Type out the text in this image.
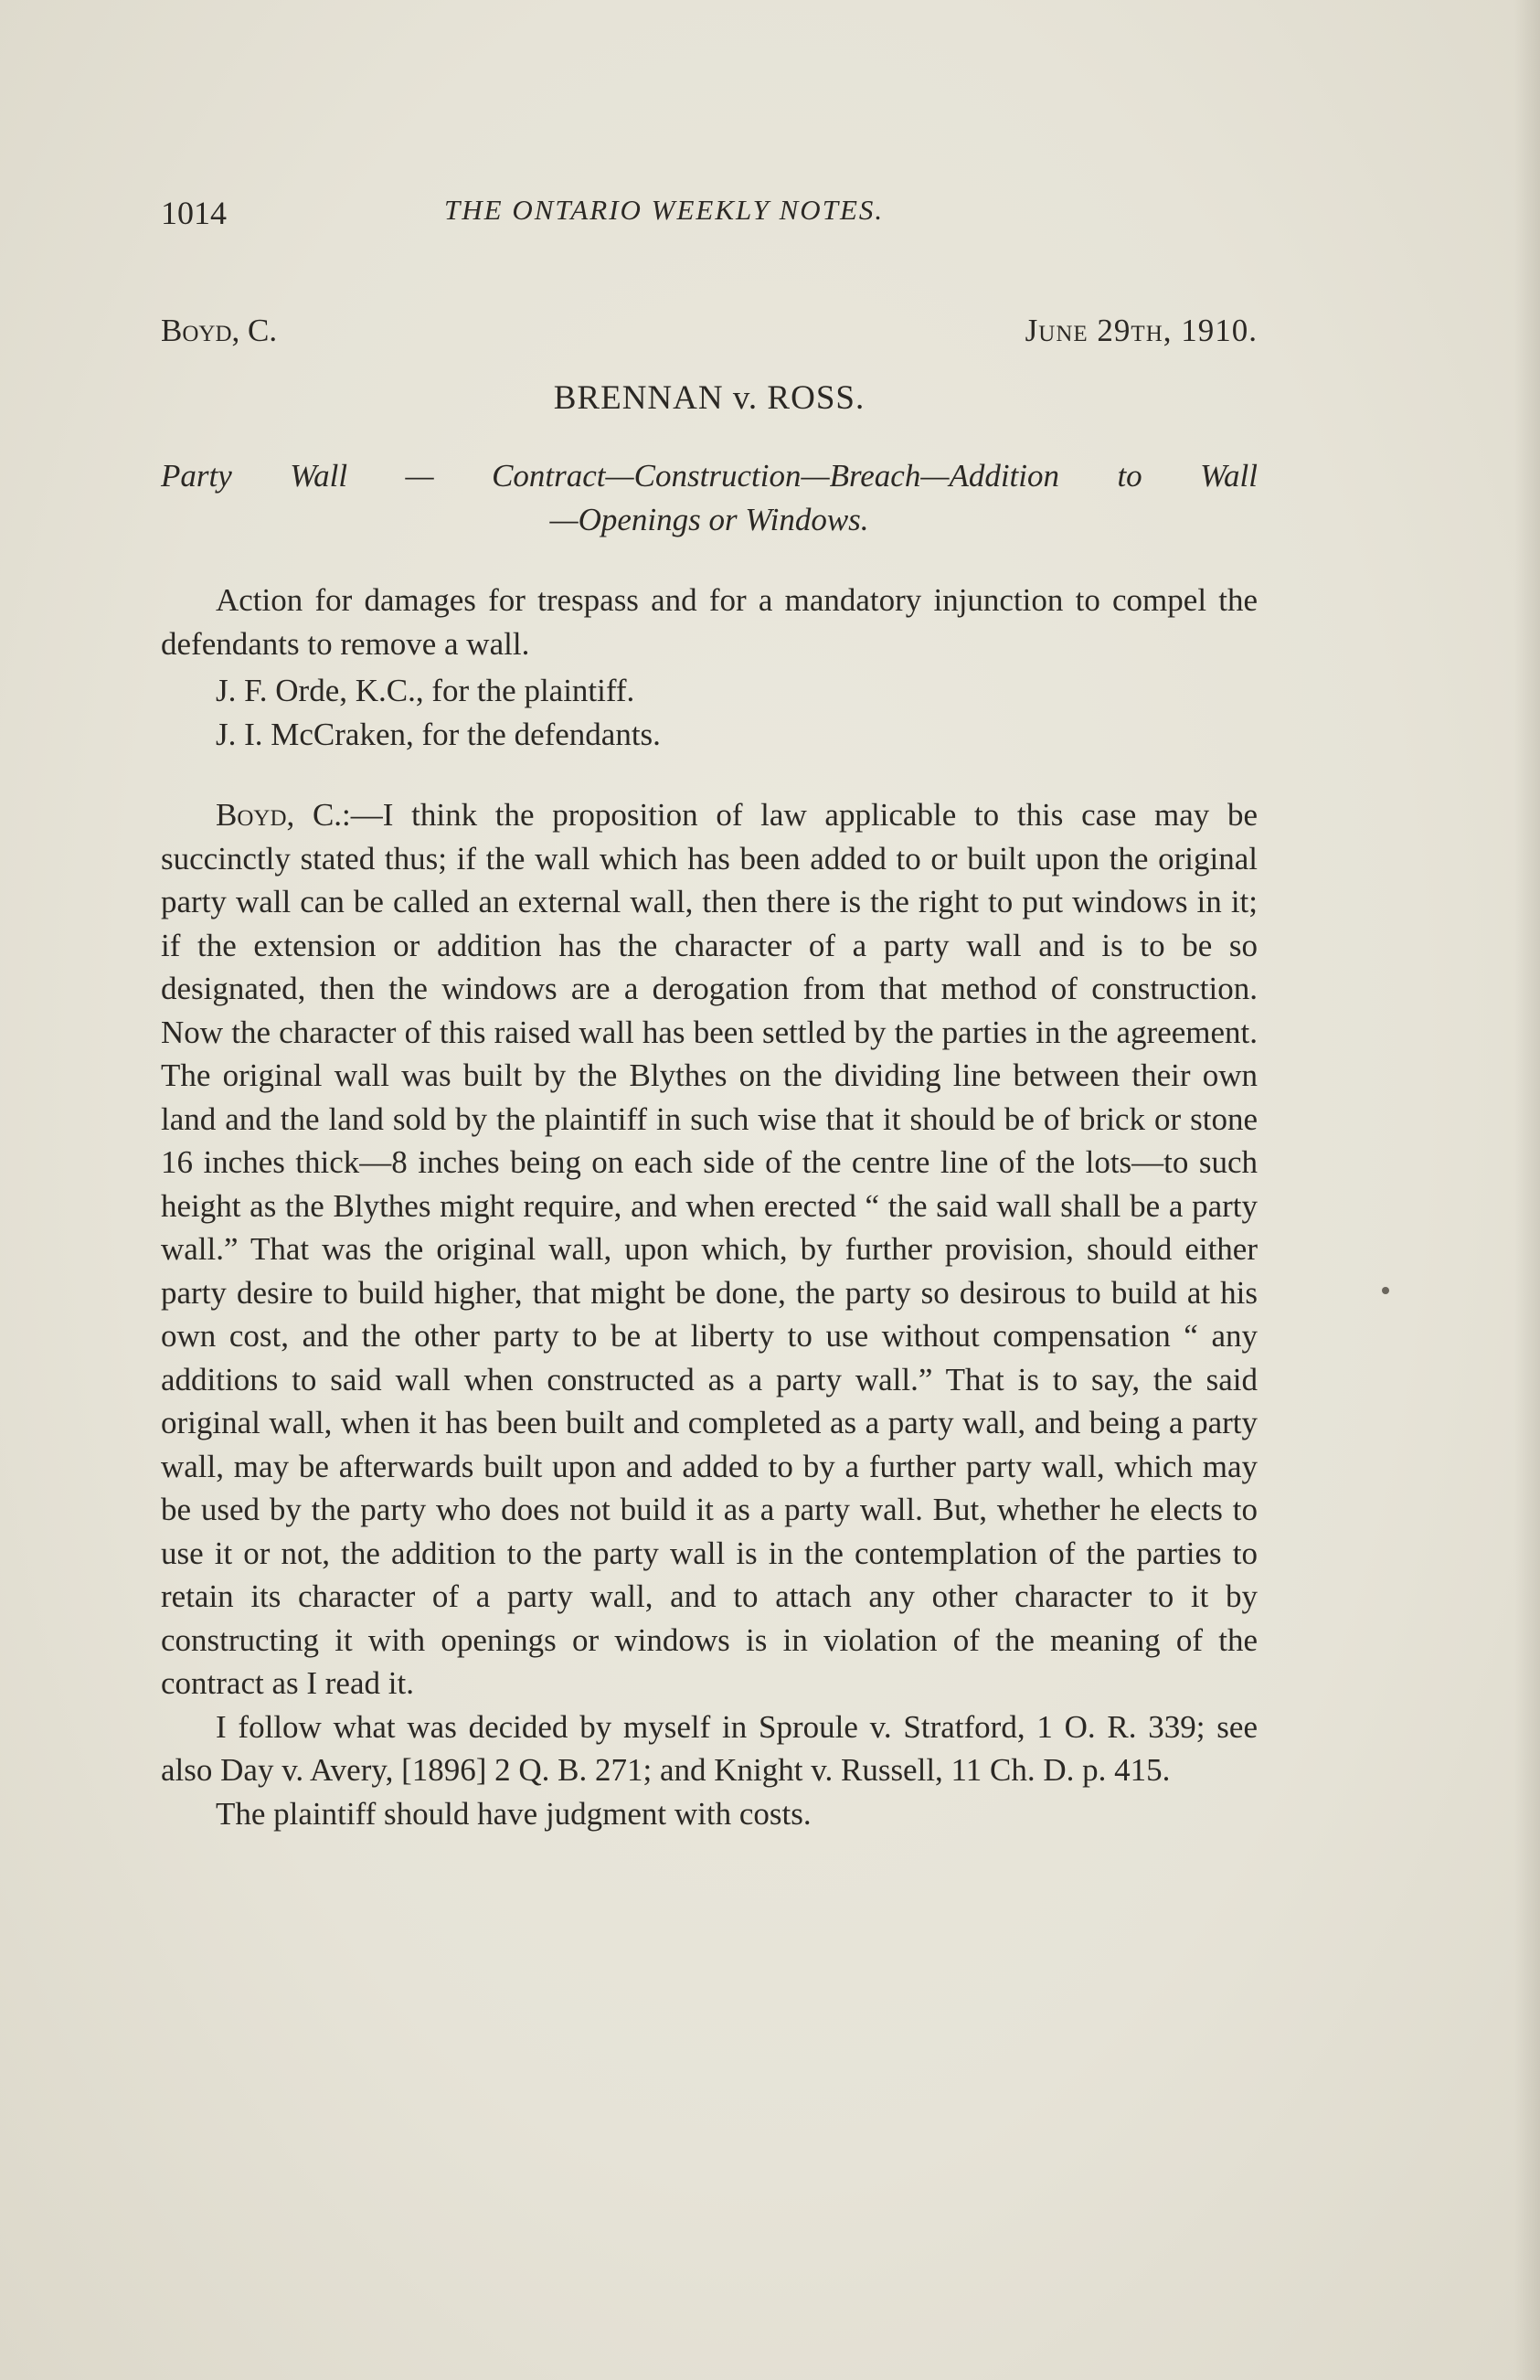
1014	THE ONTARIO WEEKLY NOTES.
Boyd, C.	June 29th, 1910.
BRENNAN v. ROSS.
Party Wall — Contract—Construction—Breach—Addition to Wall
—Openings or Windows.

Action for damages for trespass and for a mandatory injunction to compel the defendants to remove a wall.

J. F. Orde, K.C., for the plaintiff.

J. I. McCraken, for the defendants.

Boyd, C.:—I think the proposition of law applicable to this case may be succinctly stated thus; if the wall which has been added to or built upon the original party wall can be called an external wall, then there is the right to put windows in it; if the extension or addition has the character of a party wall and is to be so designated, then the windows are a derogation from that method of construction. Now the character of this raised wall has been settled by the parties in the agreement. The original wall was built by the Blythes on the dividing line between their own land and the land sold by the plaintiff in such wise that it should be of brick or stone 16 inches thick—8 inches being on each side of the centre line of the lots—to such height as the Blythes might require, and when erected “ the said wall shall be a party wall.” That was the original wall, upon which, by further provision, should either party desire to build higher, that might be done, the party so desirous to build at his own cost, and the other party to be at liberty to use without compensation “ any additions to said wall when constructed as a party wall.” That is to say, the said original wall, when it has been built and completed as a party wall, and being a party wall, may be afterwards built upon and added to by a further party wall, which may be used by the party who does not build it as a party wall. But, whether he elects to use it or not, the addition to the party wall is in the contemplation of the parties to retain its character of a party wall, and to attach any other character to it by constructing it with openings or windows is in violation of the meaning of the contract as I read it.

I follow what was decided by myself in Sproule v. Stratford, 1 O. R. 339; see also Day v. Avery, [1896] 2 Q. B. 271; and Knight v. Russell, 11 Ch. D. p. 415.

The plaintiff should have judgment with costs.
